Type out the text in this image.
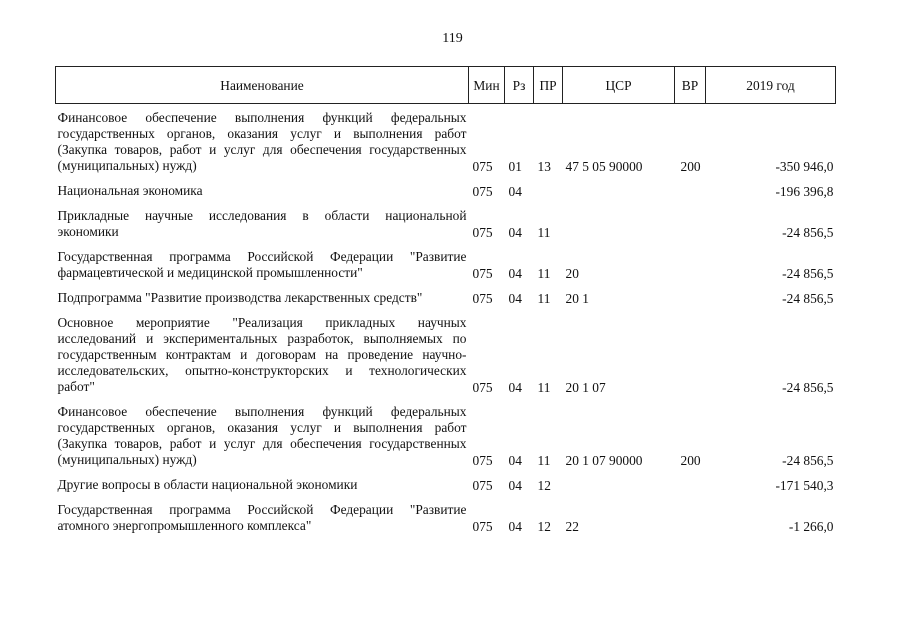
119
Наименование	Мин	Рз	ПР	ЦСР	ВР	2019 год

Финансовое обеспечение выполнения функций федеральных государственных органов, оказания услуг и выполнения работ (Закупка товаров, работ и услуг для обеспечения государственных (муниципальных) нужд)	075	01	13	47 5 05 90000	200	-350 946,0

Национальная экономика	075	04				-196 396,8

Прикладные научные исследования в области национальной экономики	075	04	11			-24 856,5

Государственная программа Российской Федерации "Развитие фармацевтической и медицинской промышленности"	075	04	11	20		-24 856,5

Подпрограмма "Развитие производства лекарственных средств"	075	04	11	20 1		-24 856,5

Основное мероприятие "Реализация прикладных научных исследований и экспериментальных разработок, выполняемых по государственным контрактам и договорам на проведение научно-исследовательских, опытно-конструкторских и технологических работ"	075	04	11	20 1 07		-24 856,5

Финансовое обеспечение выполнения функций федеральных государственных органов, оказания услуг и выполнения работ (Закупка товаров, работ и услуг для обеспечения государственных (муниципальных) нужд)	075	04	11	20 1 07 90000	200	-24 856,5

Другие вопросы в области национальной экономики	075	04	12			-171 540,3

Государственная программа Российской Федерации "Развитие атомного энергопромышленного комплекса"	075	04	12	22		-1 266,0
